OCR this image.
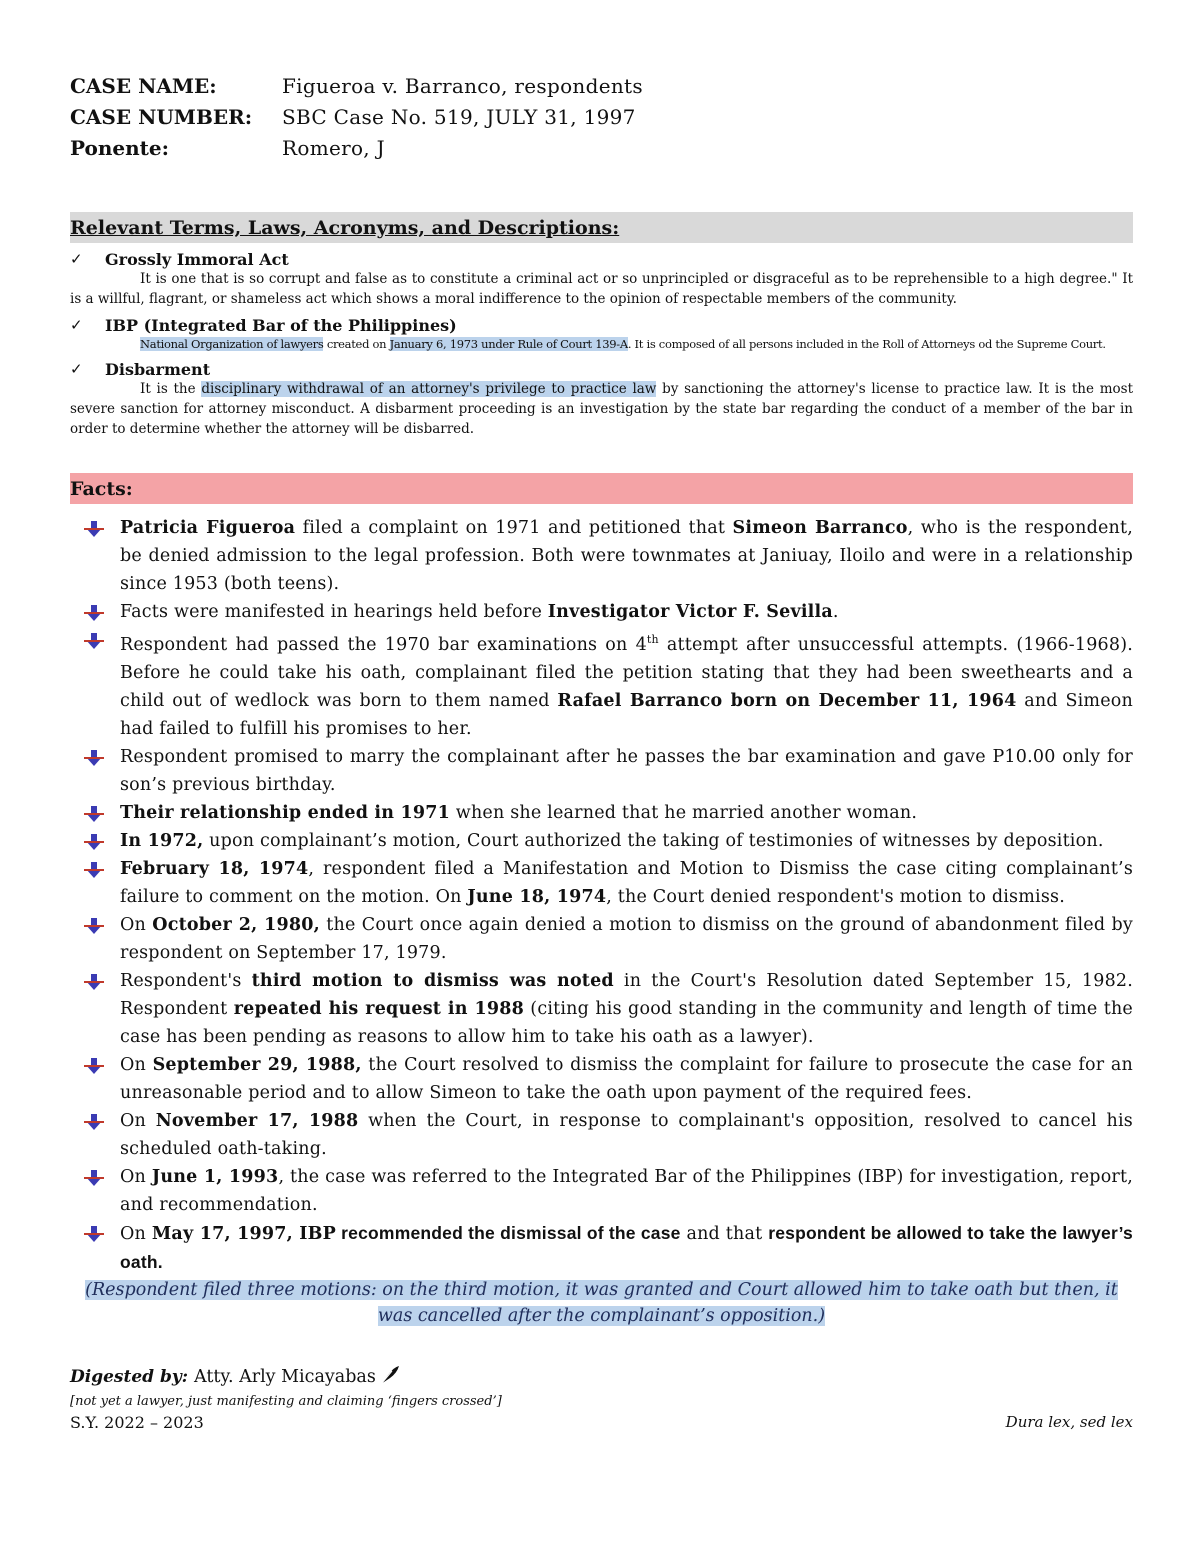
CASE NAME:	Figueroa v. Barranco, respondents
CASE NUMBER:	SBC Case No. 519, JULY 31, 1997
Ponente:	Romero, J
Relevant Terms, Laws, Acronyms, and Descriptions:
✓	Grossly Immoral Act
It is one that is so corrupt and false as to constitute a criminal act or so unprincipled or disgraceful as to be reprehensible to a high degree." It is a willful, flagrant, or shameless act which shows a moral indifference to the opinion of respectable members of the community.
✓	IBP (Integrated Bar of the Philippines)
National Organization of lawyers created on January 6, 1973 under Rule of Court 139-A. It is composed of all persons included in the Roll of Attorneys od the Supreme Court.
✓	Disbarment
It is the disciplinary withdrawal of an attorney's privilege to practice law by sanctioning the attorney's license to practice law. It is the most severe sanction for attorney misconduct. A disbarment proceeding is an investigation by the state bar regarding the conduct of a member of the bar in order to determine whether the attorney will be disbarred.
Facts:
Patricia Figueroa filed a complaint on 1971 and petitioned that Simeon Barranco, who is the respondent, be denied admission to the legal profession. Both were townmates at Janiuay, Iloilo and were in a relationship since 1953 (both teens).
Facts were manifested in hearings held before Investigator Victor F. Sevilla.
Respondent had passed the 1970 bar examinations on 4th attempt after unsuccessful attempts. (1966-1968). Before he could take his oath, complainant filed the petition stating that they had been sweethearts and a child out of wedlock was born to them named Rafael Barranco born on December 11, 1964 and Simeon had failed to fulfill his promises to her.
Respondent promised to marry the complainant after he passes the bar examination and gave P10.00 only for son’s previous birthday.
Their relationship ended in 1971 when she learned that he married another woman.
In 1972, upon complainant’s motion, Court authorized the taking of testimonies of witnesses by deposition.
February 18, 1974, respondent filed a Manifestation and Motion to Dismiss the case citing complainant’s failure to comment on the motion. On June 18, 1974, the Court denied respondent's motion to dismiss.
On October 2, 1980, the Court once again denied a motion to dismiss on the ground of abandonment filed by respondent on September 17, 1979.
Respondent's third motion to dismiss was noted in the Court's Resolution dated September 15, 1982. Respondent repeated his request in 1988 (citing his good standing in the community and length of time the case has been pending as reasons to allow him to take his oath as a lawyer).
On September 29, 1988, the Court resolved to dismiss the complaint for failure to prosecute the case for an unreasonable period and to allow Simeon to take the oath upon payment of the required fees.
On November 17, 1988 when the Court, in response to complainant's opposition, resolved to cancel his scheduled oath-taking.
On June 1, 1993, the case was referred to the Integrated Bar of the Philippines (IBP) for investigation, report, and recommendation.
On May 17, 1997, IBP recommended the dismissal of the case and that respondent be allowed to take the lawyer’s oath.
(Respondent filed three motions: on the third motion, it was granted and Court allowed him to take oath but then, it was cancelled after the complainant’s opposition.)
Digested by: Atty. Arly Micayabas
[not yet a lawyer, just manifesting and claiming ‘fingers crossed’]
S.Y. 2022 – 2023	Dura lex, sed lex
